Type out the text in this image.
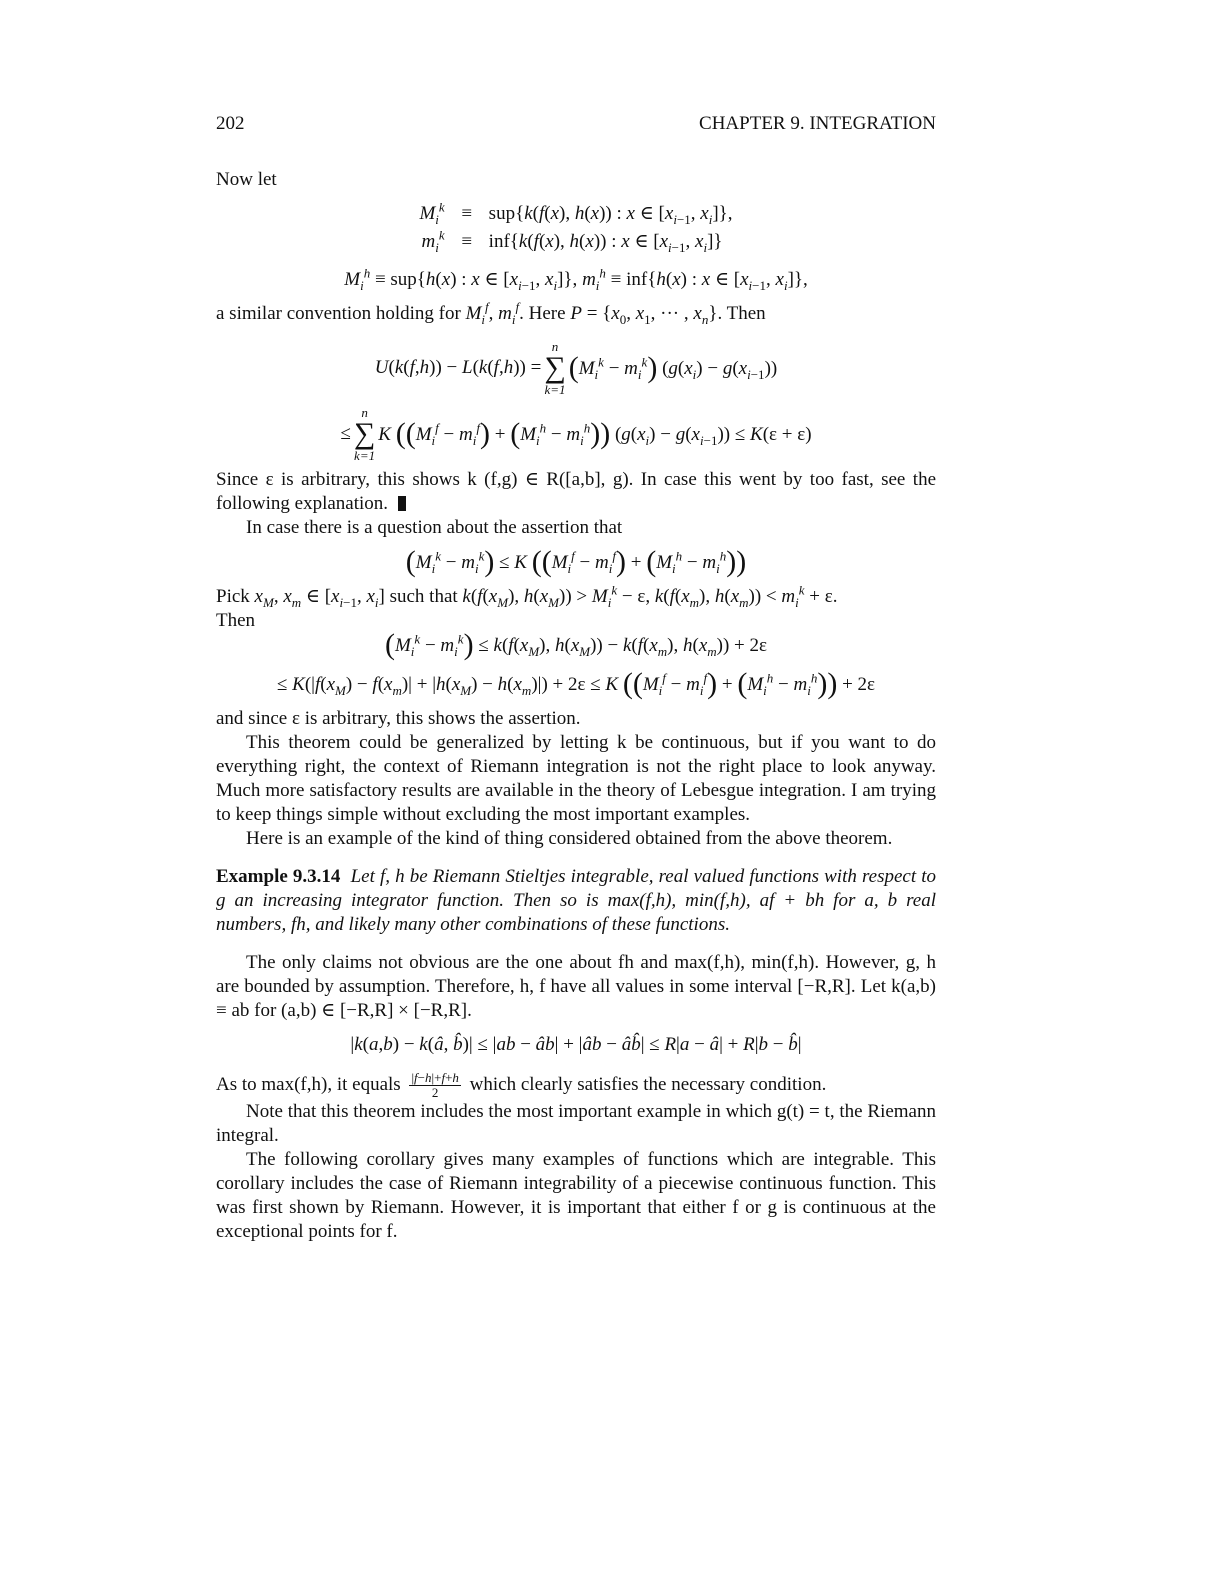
202	CHAPTER 9. INTEGRATION

Now let

$M_i^k \equiv sup\{k(f(x)$, h(x)) : x ∈ [$x_{i-1}$, $x_i$]},
$m_i^k \equiv inf\{k(f(x)$, h(x)) : x ∈ [$x_{i-1}$, $x_i$]}
$M_i^h \equiv sup\{h(x)$ : x ∈ [$x_{i-1}$, $x_i$]}, $m_i^h \equiv inf\{h(x)$ : x ∈ [$x_{i-1}$, $x_i$]},

a similar convention holding for $M_i^f$, $m_i^f$. Here $P = \{x_0$, $x_1$, ··· , $x_n$}. Then

U(k(f,h)) − L(k(f,h)) =
n
∑
k=1
$(M_i^k - m_i^k) (g(x_i) - g(x_{i-1}))$
≤
n
∑
k=1
K $((M_i^f - m_i^f) + (M_i^h - m_i^h)) (g(x_i) - g(x_{i-1})) \le K(\varepsilon + \varepsilon)$

Since ε is arbitrary, this shows k (f,g) ∈ R([a,b], g). In case this went by too fast, see the following explanation.

In case there is a question about the assertion that

$(M_i^k - m_i^k) \le K$ $((M_i^f - m_i^f) + (M_i^h - m_i^h))$

Pick $x_M$, $x_m$ ∈ [$x_{i-1}$, $x_i$] such that $k(f(x_M)$, $h(x_M)) > M_i^k - \varepsilon$, $k(f(x_m)$, $h(x_m)) < m_i^k + \varepsilon$.
Then

$(M_i^k - m_i^k) \le k(f(x_M)$, $h(x_M)) - k(f(x_m)$, $h(x_m)) + 2\varepsilon$
≤ $K(|f(x_M) - f(x_m)| + |h(x_M) - h(x_m)|) + 2\varepsilon \le K$ $((M_i^f - m_i^f) + (M_i^h - m_i^h)) + 2\varepsilon$

and since ε is arbitrary, this shows the assertion.

This theorem could be generalized by letting k be continuous, but if you want to do everything right, the context of Riemann integration is not the right place to look anyway. Much more satisfactory results are available in the theory of Lebesgue integration. I am trying to keep things simple without excluding the most important examples.

Here is an example of the kind of thing considered obtained from the above theorem.

Example 9.3.14 Let f, h be Riemann Stieltjes integrable, real valued functions with respect to g an increasing integrator function. Then so is max(f,h), min(f,h), af + bh for a, b real numbers, fh, and likely many other combinations of these functions.

The only claims not obvious are the one about fh and max(f,h), min(f,h). However, g, h are bounded by assumption. Therefore, h, f have all values in some interval [−R,R]. Let k(a,b) ≡ ab for (a,b) ∈ [−R,R] × [−R,R].

|k(a,b) − k(â, b̂)| ≤ |ab − âb| + |âb − âb̂| ≤ R|a − â| + R|b − b̂|

As to max(f,h), it equals $\frac{|f-h|+f+h}{2}$ which clearly satisfies the necessary condition.

Note that this theorem includes the most important example in which g(t) = t, the Riemann integral.

The following corollary gives many examples of functions which are integrable. This corollary includes the case of Riemann integrability of a piecewise continuous function. This was first shown by Riemann. However, it is important that either f or g is continuous at the exceptional points for f.
